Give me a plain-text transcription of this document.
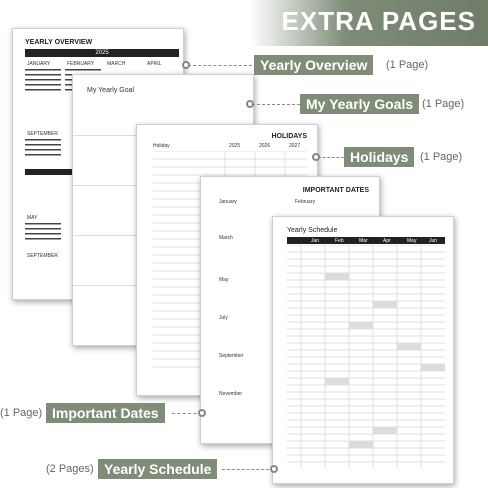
EXTRA PAGES
YEARLY OVERVIEW
2025
JANUARY	FEBRUARY	MARCH	APRIL
SEPTEMBER
MAY
SEPTEMBER
My Yearly Goal
HOLIDAYS
Holiday	2025	2026	2027
IMPORTANT DATES
January	February
March
May
July
September
November
Yearly Schedule
Jan	Feb	Mar	Apr	May	Jun
Yearly Overview	(1 Page)
My Yearly Goals (1 Page)
Holidays	(1 Page)
(1 Page) Important Dates
(2 Pages) Yearly Schedule
